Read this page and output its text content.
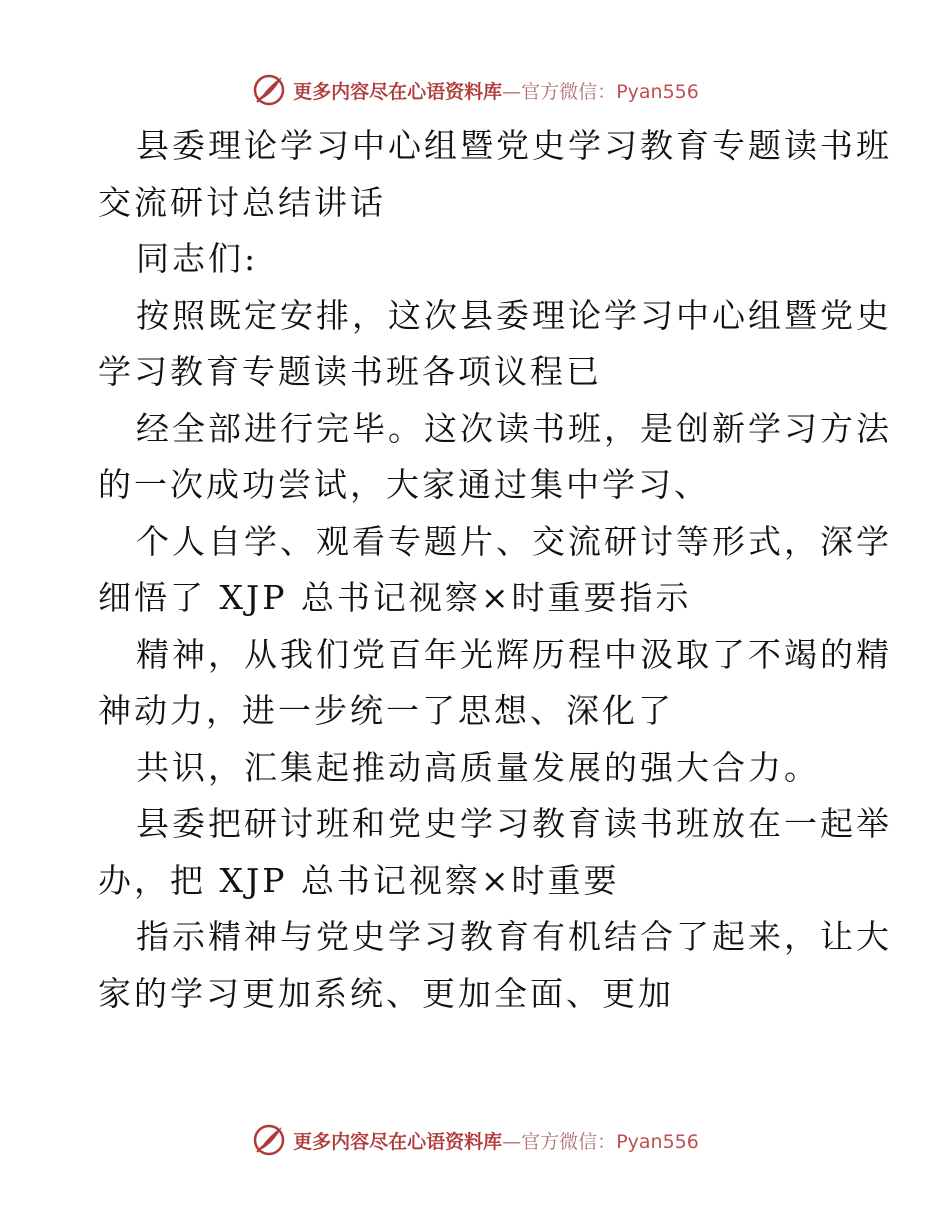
更多内容尽在心语资料库—官方微信：Pyan556
县委理论学习中心组暨党史学习教育专题读书班
交流研讨总结讲话
同志们:
按照既定安排，这次县委理论学习中心组暨党史
学习教育专题读书班各项议程已
经全部进行完毕。这次读书班，是创新学习方法
的一次成功尝试，大家通过集中学习、
个人自学、观看专题片、交流研讨等形式，深学
细悟了 XJP 总书记视察×时重要指示
精神，从我们党百年光辉历程中汲取了不竭的精
神动力，进一步统一了思想、深化了
共识，汇集起推动高质量发展的强大合力。
县委把研讨班和党史学习教育读书班放在一起举
办，把 XJP 总书记视察×时重要
指示精神与党史学习教育有机结合了起来，让大
家的学习更加系统、更加全面、更加
更多内容尽在心语资料库—官方微信：Pyan556
